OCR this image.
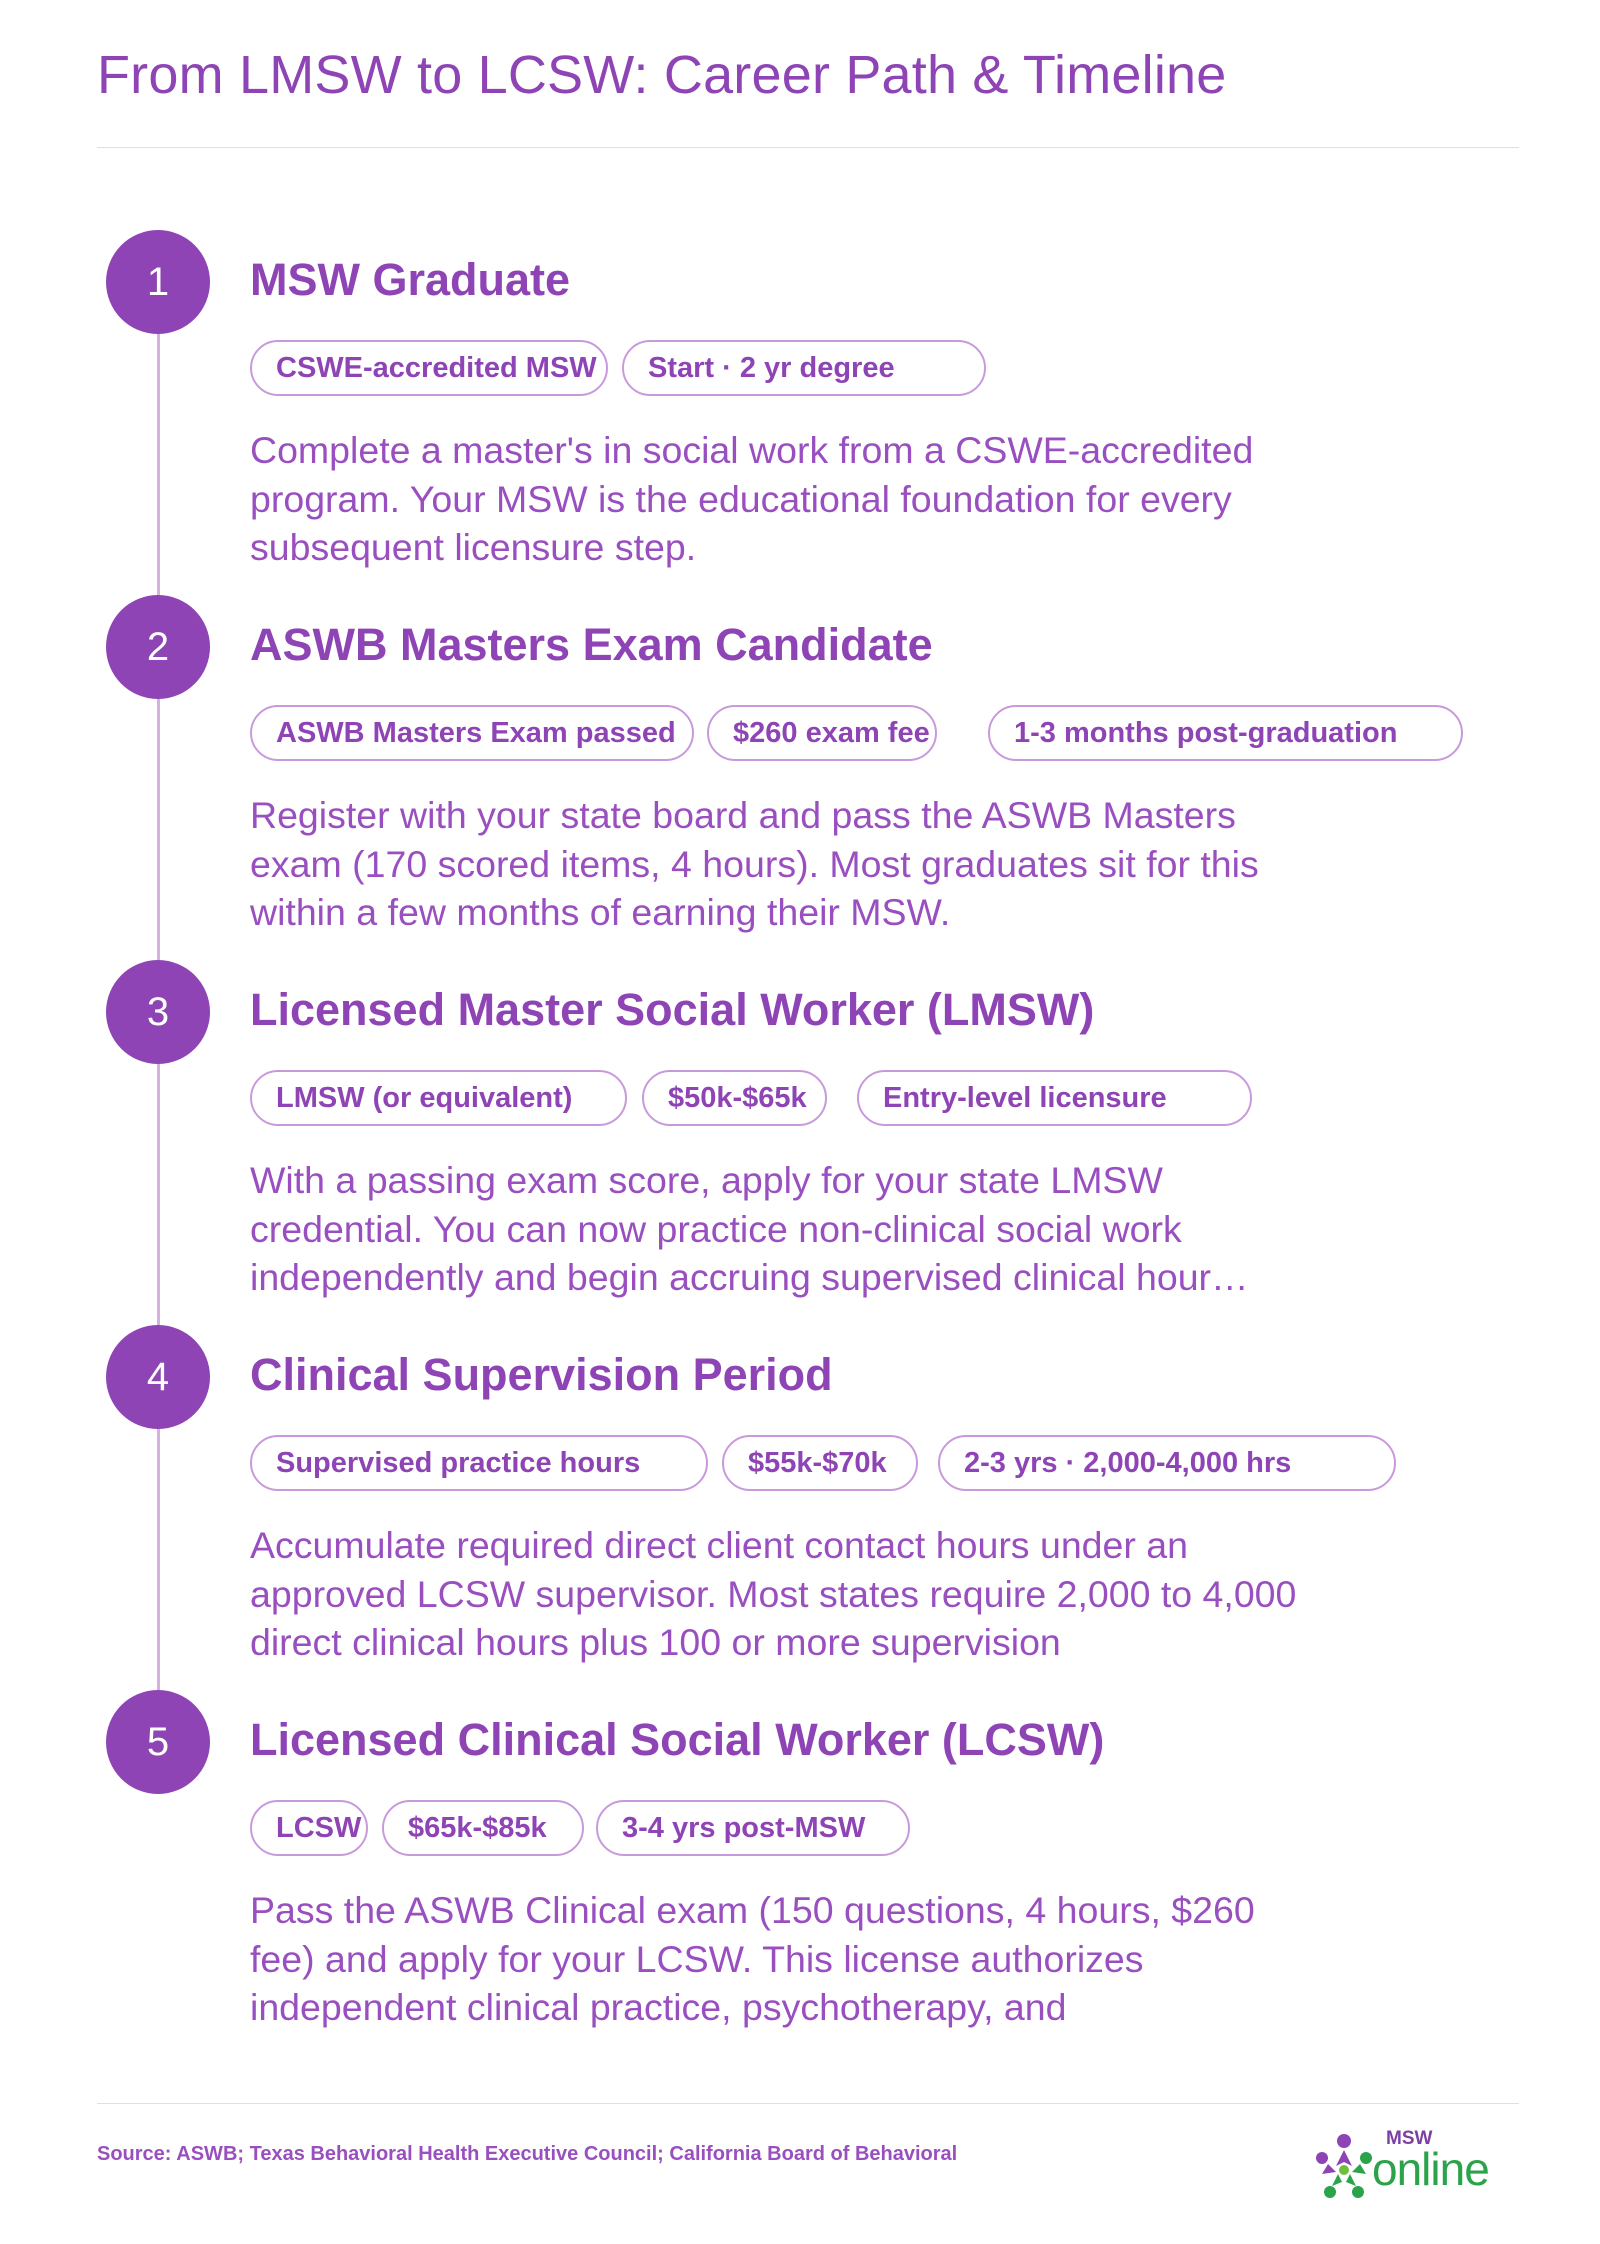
From LMSW to LCSW: Career Path & Timeline
1	MSW Graduate
CSWE-accredited MSW	Start · 2 yr degree

Complete a master's in social work from a CSWE-accredited program. Your MSW is the educational foundation for every subsequent licensure step.

2	ASWB Masters Exam Candidate
ASWB Masters Exam passed	$260 exam fee	1-3 months post-graduation

Register with your state board and pass the ASWB Masters exam (170 scored items, 4 hours). Most graduates sit for this within a few months of earning their MSW.

3	Licensed Master Social Worker (LMSW)
LMSW (or equivalent)	$50k-$65k	Entry-level licensure

With a passing exam score, apply for your state LMSW credential. You can now practice non-clinical social work independently and begin accruing supervised clinical hour…

4	Clinical Supervision Period
Supervised practice hours	$55k-$70k	2-3 yrs · 2,000-4,000 hrs

Accumulate required direct client contact hours under an approved LCSW supervisor. Most states require 2,000 to 4,000 direct clinical hours plus 100 or more supervision

5	Licensed Clinical Social Worker (LCSW)
LCSW	$65k-$85k	3-4 yrs post-MSW

Pass the ASWB Clinical exam (150 questions, 4 hours, $260 fee) and apply for your LCSW. This license authorizes independent clinical practice, psychotherapy, and

Source: ASWB; Texas Behavioral Health Executive Council; California Board of Behavioral
MSW
online
